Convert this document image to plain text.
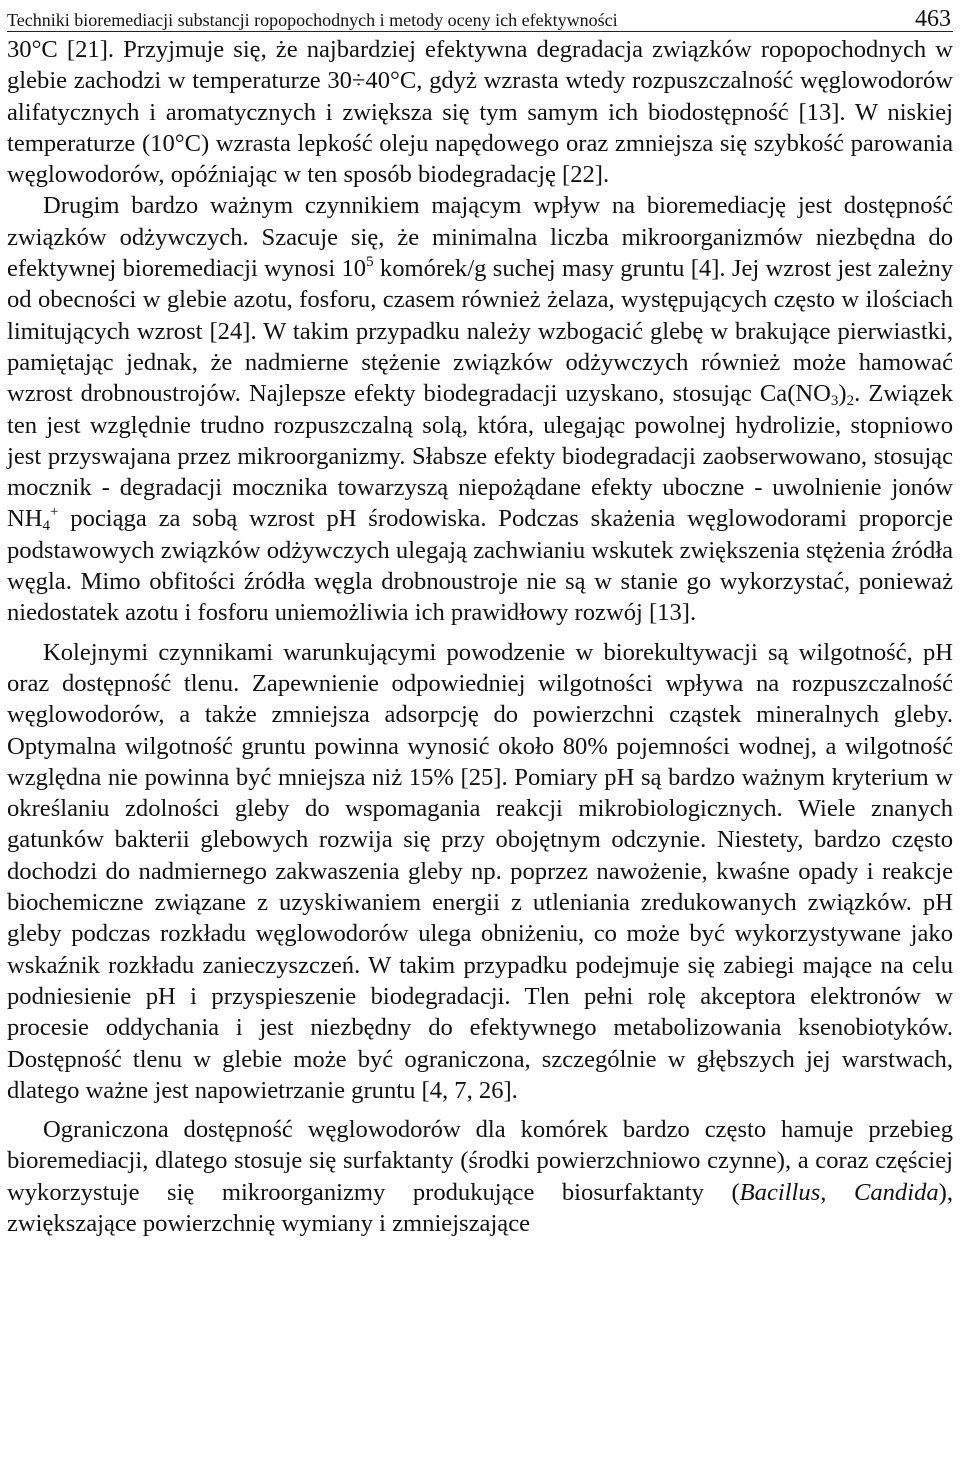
Techniki bioremediacji substancji ropopochodnych i metody oceny ich efektywności	463

30°C [21]. Przyjmuje się, że najbardziej efektywna degradacja związków ropopochodnych w glebie zachodzi w temperaturze 30÷40°C, gdyż wzrasta wtedy rozpuszczalność węglowodorów alifatycznych i aromatycznych i zwiększa się tym samym ich biodostępność [13]. W niskiej temperaturze (10°C) wzrasta lepkość oleju napędowego oraz zmniejsza się szybkość parowania węglowodorów, opóźniając w ten sposób biodegradację [22].

Drugim bardzo ważnym czynnikiem mającym wpływ na bioremediację jest dostępność związków odżywczych. Szacuje się, że minimalna liczba mikroorganizmów niezbędna do efektywnej bioremediacji wynosi $10^5$ komórek/g suchej masy gruntu [4]. Jej wzrost jest zależny od obecności w glebie azotu, fosforu, czasem również żelaza, występujących często w ilościach limitujących wzrost [24]. W takim przypadku należy wzbogacić glebę w brakujące pierwiastki, pamiętając jednak, że nadmierne stężenie związków odżywczych również może hamować wzrost drobnoustrojów. Najlepsze efekty biodegradacji uzyskano, stosując $Ca(NO_3)_2$. Związek ten jest względnie trudno rozpuszczalną solą, która, ulegając powolnej hydrolizie, stopniowo jest przyswajana przez mikroorganizmy. Słabsze efekty biodegradacji zaobserwowano, stosując mocznik - degradacji mocznika towarzyszą niepożądane efekty uboczne - uwolnienie jonów $NH_4^+$ pociąga za sobą wzrost pH środowiska. Podczas skażenia węglowodorami proporcje podstawowych związków odżywczych ulegają zachwianiu wskutek zwiększenia stężenia źródła węgla. Mimo obfitości źródła węgla drobnoustroje nie są w stanie go wykorzystać, ponieważ niedostatek azotu i fosforu uniemożliwia ich prawidłowy rozwój [13].

Kolejnymi czynnikami warunkującymi powodzenie w biorekultywacji są wilgotność, pH oraz dostępność tlenu. Zapewnienie odpowiedniej wilgotności wpływa na rozpuszczalność węglowodorów, a także zmniejsza adsorpcję do powierzchni cząstek mineralnych gleby. Optymalna wilgotność gruntu powinna wynosić około 80% pojemności wodnej, a wilgotność względna nie powinna być mniejsza niż 15% [25]. Pomiary pH są bardzo ważnym kryterium w określaniu zdolności gleby do wspomagania reakcji mikrobiologicznych. Wiele znanych gatunków bakterii glebowych rozwija się przy obojętnym odczynie. Niestety, bardzo często dochodzi do nadmiernego zakwaszenia gleby np. poprzez nawożenie, kwaśne opady i reakcje biochemiczne związane z uzyskiwaniem energii z utleniania zredukowanych związków. pH gleby podczas rozkładu węglowodorów ulega obniżeniu, co może być wykorzystywane jako wskaźnik rozkładu zanieczyszczeń. W takim przypadku podejmuje się zabiegi mające na celu podniesienie pH i przyspieszenie biodegradacji. Tlen pełni rolę akceptora elektronów w procesie oddychania i jest niezbędny do efektywnego metabolizowania ksenobiotyków. Dostępność tlenu w glebie może być ograniczona, szczególnie w głębszych jej warstwach, dlatego ważne jest napowietrzanie gruntu [4, 7, 26].

Ograniczona dostępność węglowodorów dla komórek bardzo często hamuje przebieg bioremediacji, dlatego stosuje się surfaktanty (środki powierzchniowo czynne), a coraz częściej wykorzystuje się mikroorganizmy produkujące biosurfaktanty (Bacillus, Candida), zwiększające powierzchnię wymiany i zmniejszające
